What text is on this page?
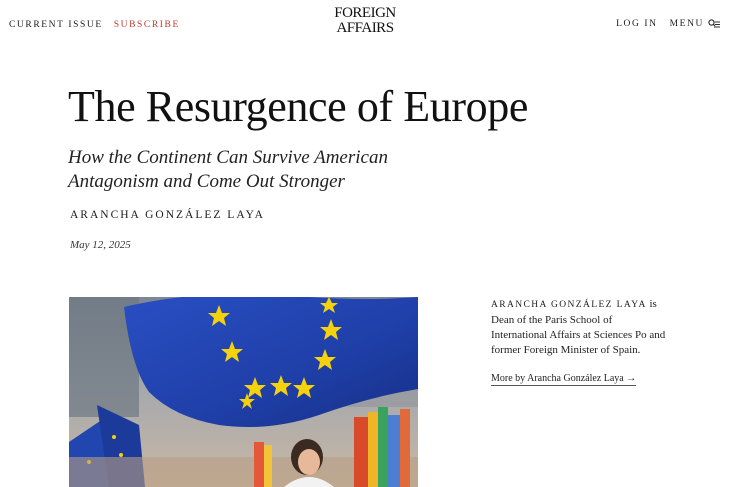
CURRENT ISSUE SUBSCRIBE
FOREIGN
AFFAIRS	LOG IN MENU
The Resurgence of Europe

How the Continent Can Survive American Antagonism and Come Out Stronger

ARANCHA GONZÁLEZ LAYA
May 12, 2025

ARANCHA GONZÁLEZ LAYA is Dean of the Paris School of International Affairs at Sciences Po and former Foreign Minister of Spain.

More by Arancha González Laya →
